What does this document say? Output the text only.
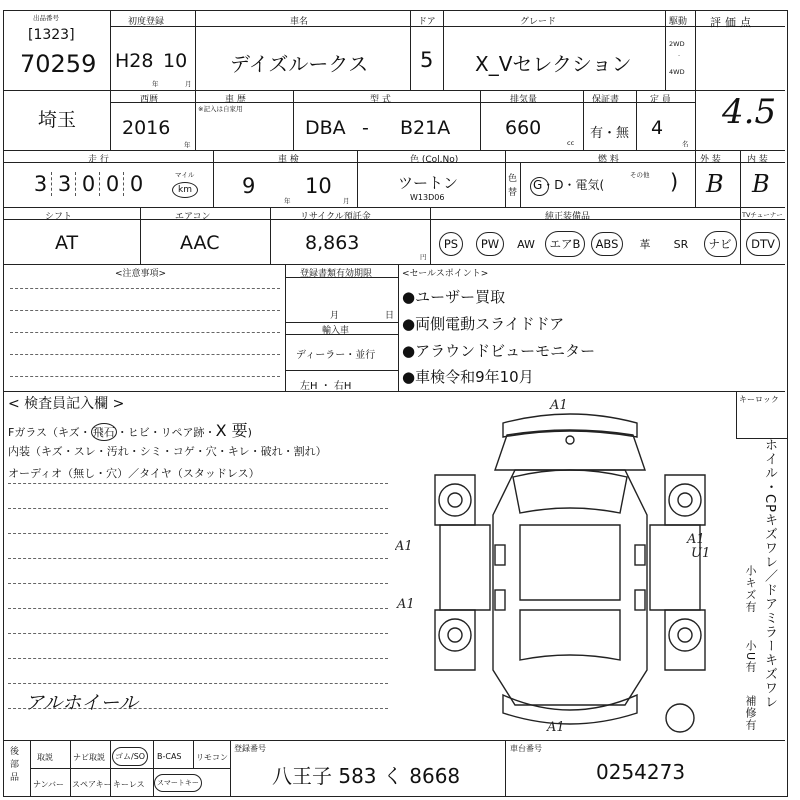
出品番号
[1323]
70259
初度登録
H28 10
年	月
車名
デイズルークス
ドア
5
グレード
X_Vセレクション
駆動
2WD
·
4WD
評価点
4.5
埼玉
西暦
2016
年
車 歴
※記入は自家用
型 式
DBA - B21A
排気量
660
cc
保証書
有・無
定 員
4
名
走 行
3 3 0 0 0	マイル
km
車 検
9
年
10
月
色 (Col.No)
ツートン
W13D06
色替
燃 料
G・D・電気(
その他 )
外 装
B
内 装
B
シフト
AT
エアコン
AAC
リサイクル預託金
8,863
円
純正装備品	TVチューナー
PS	PW	AW	エアB	ABS	革 SR	ナビ	DTV
<注意事項>	登録書類有効期限
月	日
輸入車
ディーラー・並行
左H ・ 右H
<セールスポイント>
●ユーザー買取
●両側電動スライドドア
●アラウンドビューモニター
●車検令和9年10月
< 検査員記入欄 >	キーロック
Fガラス（キズ・ 飛石 ・ヒビ・リペア跡・X 要)
内装（キズ・スレ・汚れ・シミ・コゲ・穴・キレ・破れ・割れ）
オーディオ（無し・穴）／タイヤ（スタッドレス）
アルホイール
A1
A1
A1
A1
U1
A1
ホイル・CPキズワレ／ドアミラーキズワレ
小キズ有
小U有
補修有
後 部 品
取説	ナビ取説	ゴム/SO	B-CAS リモコン
ナンバー スペアキー キーレス	スマートキー
登録番号
八王子 583 く 8668
車台番号
0254273
